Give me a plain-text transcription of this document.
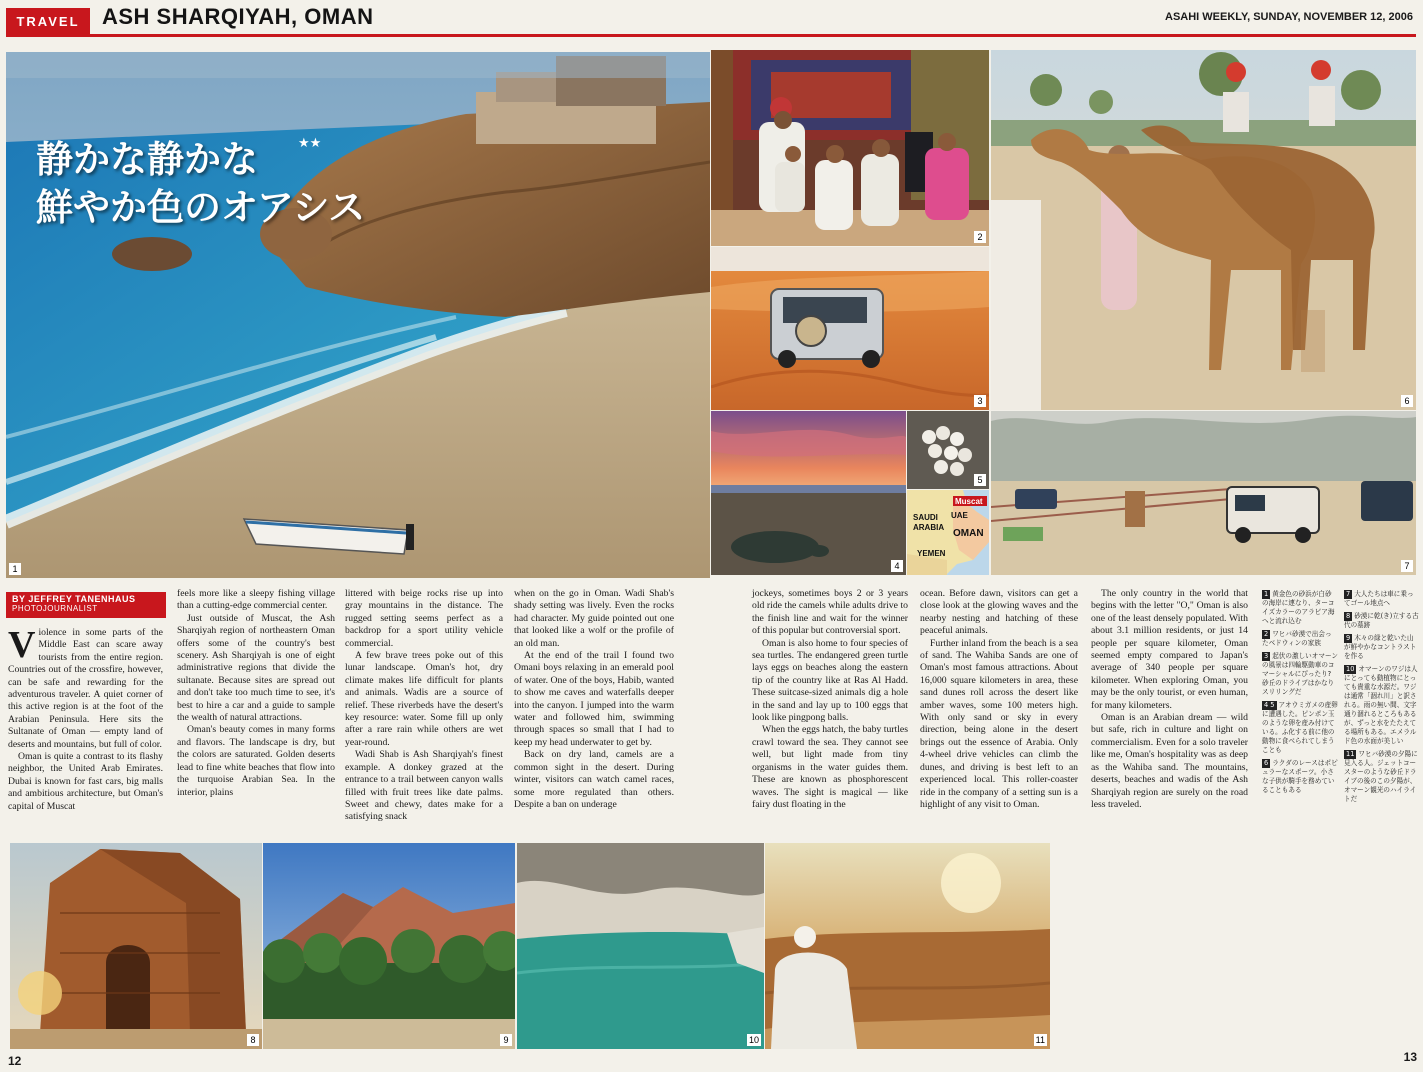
TRAVEL	ASH SHARQIYAH, OMAN	ASAHI WEEKLY, SUNDAY, NOVEMBER 12, 2006
静かな静かな
鮮やか色のオアシス
★★
1
2
3
4
5
Muscat
SAUDI
ARABIA
UAE
OMAN
YEMEN
6
7
BY JEFFREY TANENHAUS
PHOTOJOURNALIST

Violence in some parts of the Middle East can scare away tourists from the entire region. Countries out of the crossfire, however, can be safe and rewarding for the adventurous traveler. A quiet corner of this active region is at the foot of the Arabian Peninsula. Here sits the Sultanate of Oman — empty land of deserts and mountains, but full of color.

Oman is quite a contrast to its flashy neighbor, the United Arab Emirates. Dubai is known for fast cars, big malls and ambitious architecture, but Oman's capital of Muscat

feels more like a sleepy fishing village than a cutting-edge commercial center.

Just outside of Muscat, the Ash Sharqiyah region of northeastern Oman offers some of the country's best scenery. Ash Sharqiyah is one of eight administrative regions that divide the sultanate. Because sites are spread out and don't take too much time to see, it's best to hire a car and a guide to sample the wealth of natural attractions.

Oman's beauty comes in many forms and flavors. The landscape is dry, but the colors are saturated. Golden deserts lead to fine white beaches that flow into the turquoise Arabian Sea. In the interior, plains

littered with beige rocks rise up into gray mountains in the distance. The rugged setting seems perfect as a backdrop for a sport utility vehicle commercial.

A few brave trees poke out of this lunar landscape. Oman's hot, dry climate makes life difficult for plants and animals. Wadis are a source of relief. These riverbeds have the desert's key resource: water. Some fill up only after a rare rain while others are wet year-round.

Wadi Shab is Ash Sharqiyah's finest example. A donkey grazed at the entrance to a trail between canyon walls filled with fruit trees like date palms. Sweet and chewy, dates make for a satisfying snack

when on the go in Oman. Wadi Shab's shady setting was lively. Even the rocks had character. My guide pointed out one that looked like a wolf or the profile of an old man.

At the end of the trail I found two Omani boys relaxing in an emerald pool of water. One of the boys, Habib, wanted to show me caves and waterfalls deeper into the canyon. I jumped into the warm water and followed him, swimming through spaces so small that I had to keep my head underwater to get by.

Back on dry land, camels are a common sight in the desert. During winter, visitors can watch camel races, some more regulated than others. Despite a ban on underage

jockeys, sometimes boys 2 or 3 years old ride the camels while adults drive to the finish line and wait for the winner of this popular but controversial sport.

Oman is also home to four species of sea turtles. The endangered green turtle lays eggs on beaches along the eastern tip of the country like at Ras Al Hadd. These suitcase-sized animals dig a hole in the sand and lay up to 100 eggs that look like pingpong balls.

When the eggs hatch, the baby turtles crawl toward the sea. They cannot see well, but light made from tiny organisms in the water guides them. These are known as phosphorescent waves. The sight is magical — like fairy dust floating in the

ocean. Before dawn, visitors can get a close look at the glowing waves and the nearby nesting and hatching of these peaceful animals.

Further inland from the beach is a sea of sand. The Wahiba Sands are one of Oman's most famous attractions. About 16,000 square kilometers in area, these sand dunes roll across the desert like amber waves, some 100 meters high. With only sand or sky in every direction, being alone in the desert brings out the essence of Arabia. Only 4-wheel drive vehicles can climb the dunes, and driving is best left to an experienced local. This roller-coaster ride in the company of a setting sun is a highlight of any visit to Oman.

The only country in the world that begins with the letter "O," Oman is also one of the least densely populated. With about 3.1 million residents, or just 14 people per square kilometer, Oman seemed empty compared to Japan's average of 340 people per square kilometer. When exploring Oman, you may be the only tourist, or even human, for many kilometers.

Oman is an Arabian dream — wild but safe, rich in culture and light on commercialism. Even for a solo traveler like me, Oman's hospitality was as deep as the Wahiba sand. The mountains, deserts, beaches and wadis of the Ash Sharqiyah region are surely on the road less traveled.

1 黄金色の砂浜が白砂の海岸に連なり、ターコイズカラーのアラビア海へと流れ込む
2 ワヒバ砂漠で出会ったベドウィンの家族
3 起伏の激しいオマーンの風景は四輪駆動車のコマーシャルにぴったり? 砂丘のドライブはかなりスリリングだ
4 5 アオウミガメの産卵に遭遇した。ピンポン玉のような卵を産み付けている。ふ化する前に他の動物に食べられてしまうことも
6 ラクダのレースはポピュラーなスポーツ。小さな子供が騎手を務めていることもある
7 大人たちは車に乗ってゴール地点へ
8 砂漠に乾(き)立する古代の墓跡
9 木々の緑と乾いた山が鮮やかなコントラストを作る
10 オマーンのワジは人にとっても動植物にとっても貴重な水源だ。ワジは通常「涸れ川」と訳される。雨の無い間、文字通り涸れるところもあるが、ずっと水をたたえてる場所もある。エメラルド色の水面が美しい
11 ワヒバ砂漠の夕陽に見入る人。ジェットコースターのような砂丘ドライブの後のこの夕陽が、オマーン観光のハイライトだ
8	9	10	11
12	13
